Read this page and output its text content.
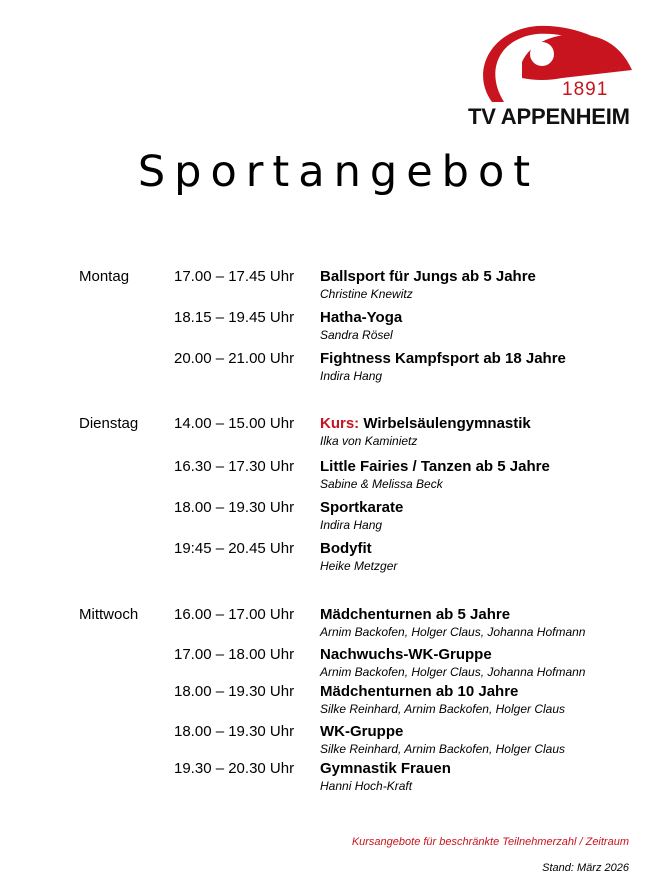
1891
TV APPENHEIM
Sportangebot
Montag	17.00 – 17.45 Uhr Ballsport für Jungs ab 5 Jahre
Christine Knewitz
18.15 – 19.45 Uhr Hatha-Yoga
Sandra Rösel
20.00 – 21.00 Uhr Fightness Kampfsport ab 18 Jahre
Indira Hang
Dienstag 14.00 – 15.00 Uhr Kurs: Wirbelsäulengymnastik
Ilka von Kaminietz
16.30 – 17.30 Uhr Little Fairies / Tanzen ab 5 Jahre
Sabine & Melissa Beck
18.00 – 19.30 Uhr Sportkarate
Indira Hang
19:45 – 20.45 Uhr Bodyfit
Heike Metzger
Mittwoch 16.00 – 17.00 Uhr Mädchenturnen ab 5 Jahre
Arnim Backofen, Holger Claus, Johanna Hofmann
17.00 – 18.00 Uhr Nachwuchs-WK-Gruppe
Arnim Backofen, Holger Claus, Johanna Hofmann
18.00 – 19.30 Uhr Mädchenturnen ab 10 Jahre
Silke Reinhard, Arnim Backofen, Holger Claus
18.00 – 19.30 Uhr WK-Gruppe
Silke Reinhard, Arnim Backofen, Holger Claus
19.30 – 20.30 Uhr Gymnastik Frauen
Hanni Hoch-Kraft
Kursangebote für beschränkte Teilnehmerzahl / Zeitraum
Stand: März 2026
